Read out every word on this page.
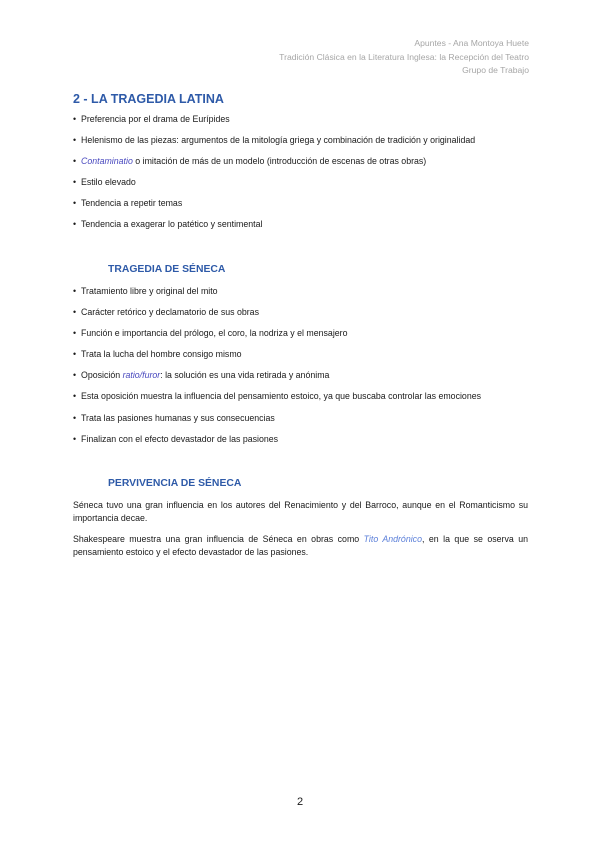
Apuntes - Ana Montoya Huete
Tradición Clásica en la Literatura Inglesa: la Recepción del Teatro
Grupo de Trabajo
2 - LA TRAGEDIA LATINA
• Preferencia por el drama de Eurípides
• Helenismo de las piezas: argumentos de la mitología griega y combinación de tradición y originalidad
• Contaminatio o imitación de más de un modelo (introducción de escenas de otras obras)
• Estilo elevado
• Tendencia a repetir temas
• Tendencia a exagerar lo patético y sentimental
TRAGEDIA DE SÉNECA
• Tratamiento libre y original del mito
• Carácter retórico y declamatorio de sus obras
• Función e importancia del prólogo, el coro, la nodriza y el mensajero
• Trata la lucha del hombre consigo mismo
• Oposición ratio/furor: la solución es una vida retirada y anónima
• Esta oposición muestra la influencia del pensamiento estoico, ya que buscaba controlar las emociones
• Trata las pasiones humanas y sus consecuencias
• Finalizan con el efecto devastador de las pasiones
PERVIVENCIA DE SÉNECA

Séneca tuvo una gran influencia en los autores del Renacimiento y del Barroco, aunque en el Romanticismo su importancia decae.

Shakespeare muestra una gran influencia de Séneca en obras como Tito Andrónico, en la que se oserva un pensamiento estoico y el efecto devastador de las pasiones.

2
